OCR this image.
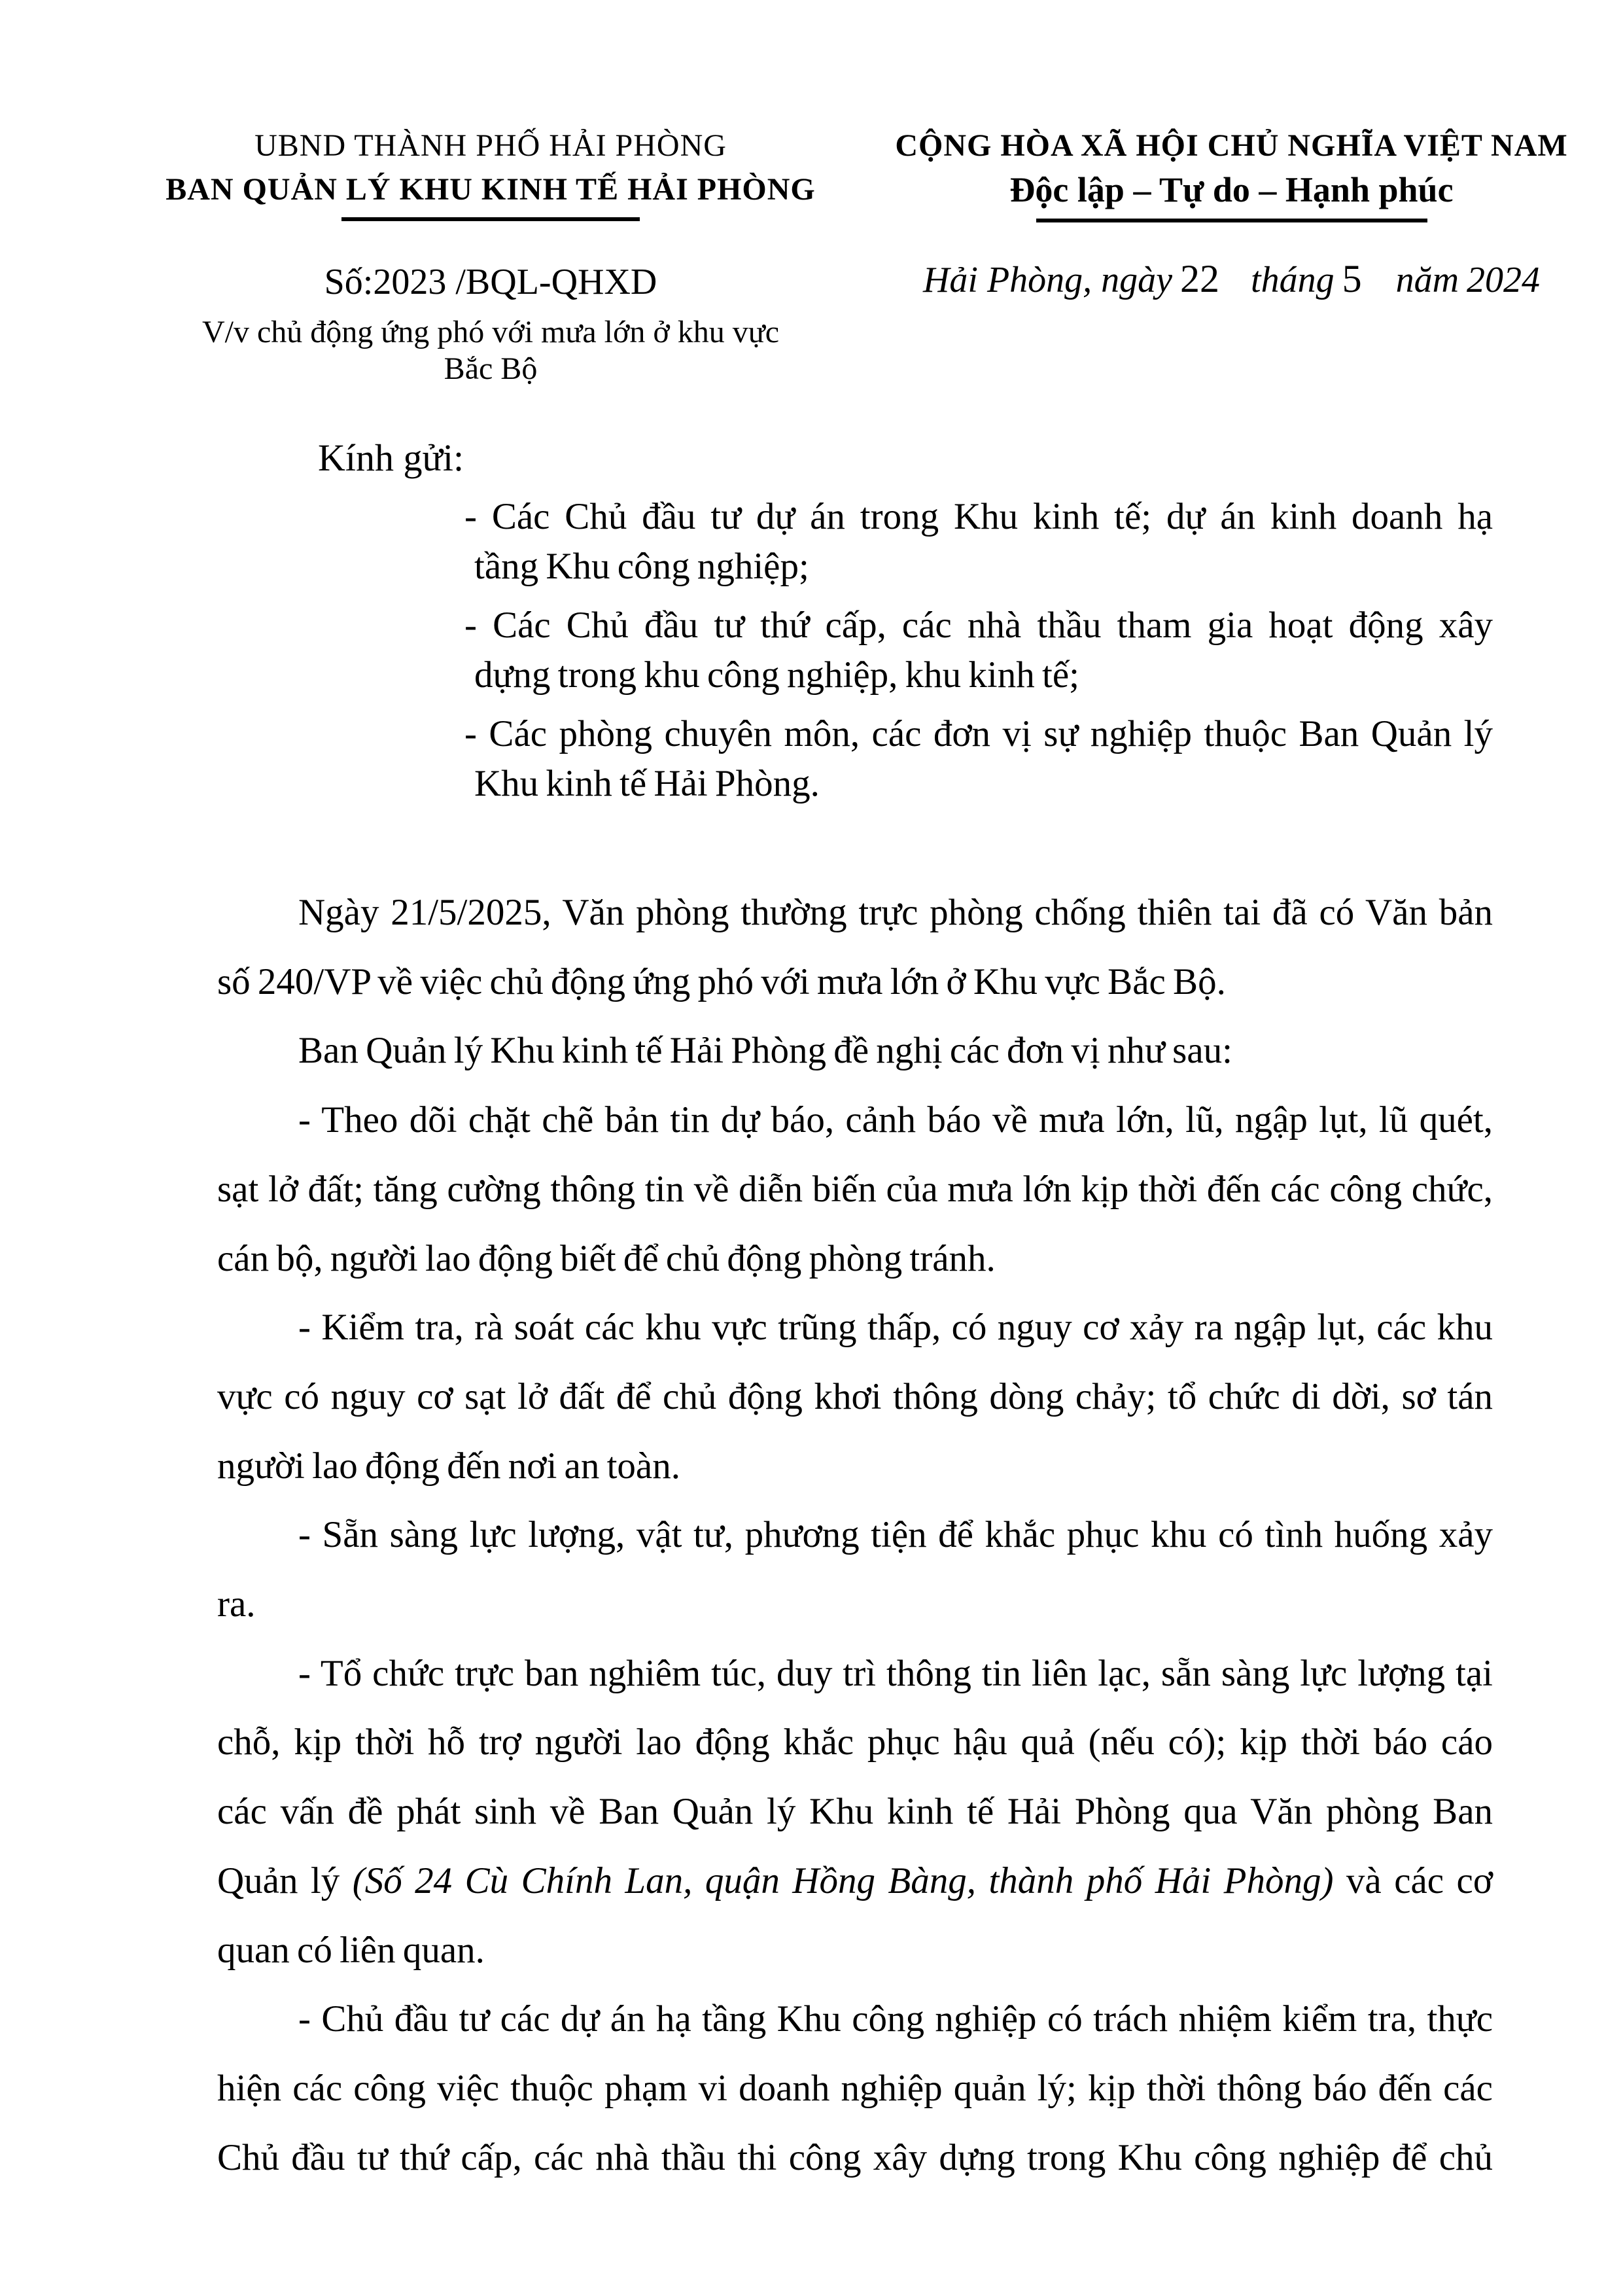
UBND THÀNH PHỐ HẢI PHÒNG
BAN QUẢN LÝ KHU KINH TẾ HẢI PHÒNG
Số:2023 /BQL-QHXD
V/v chủ động ứng phó với mưa lớn ở khu vực
Bắc Bộ
CỘNG HÒA XÃ HỘI CHỦ NGHĨA VIỆT NAM
Độc lập – Tự do – Hạnh phúc
Hải Phòng, ngày 22 tháng 5 năm 2024
Kính gửi:
- Các Chủ đầu tư dự án trong Khu kinh tế; dự án kinh doanh hạ
tầng Khu công nghiệp;
- Các Chủ đầu tư thứ cấp, các nhà thầu tham gia hoạt động xây
dựng trong khu công nghiệp, khu kinh tế;
- Các phòng chuyên môn, các đơn vị sự nghiệp thuộc Ban Quản lý
Khu kinh tế Hải Phòng.
Ngày 21/5/2025, Văn phòng thường trực phòng chống thiên tai đã có Văn bản
số 240/VP về việc chủ động ứng phó với mưa lớn ở Khu vực Bắc Bộ.
Ban Quản lý Khu kinh tế Hải Phòng đề nghị các đơn vị như sau:
- Theo dõi chặt chẽ bản tin dự báo, cảnh báo về mưa lớn, lũ, ngập lụt, lũ quét,
sạt lở đất; tăng cường thông tin về diễn biến của mưa lớn kịp thời đến các công chức,
cán bộ, người lao động biết để chủ động phòng tránh.
- Kiểm tra, rà soát các khu vực trũng thấp, có nguy cơ xảy ra ngập lụt, các khu
vực có nguy cơ sạt lở đất để chủ động khơi thông dòng chảy; tổ chức di dời, sơ tán
người lao động đến nơi an toàn.
- Sẵn sàng lực lượng, vật tư, phương tiện để khắc phục khu có tình huống xảy
ra.
- Tổ chức trực ban nghiêm túc, duy trì thông tin liên lạc, sẵn sàng lực lượng tại
chỗ, kịp thời hỗ trợ người lao động khắc phục hậu quả (nếu có); kịp thời báo cáo
các vấn đề phát sinh về Ban Quản lý Khu kinh tế Hải Phòng qua Văn phòng Ban
Quản lý (Số 24 Cù Chính Lan, quận Hồng Bàng, thành phố Hải Phòng) và các cơ
quan có liên quan.
- Chủ đầu tư các dự án hạ tầng Khu công nghiệp có trách nhiệm kiểm tra, thực
hiện các công việc thuộc phạm vi doanh nghiệp quản lý; kịp thời thông báo đến các
Chủ đầu tư thứ cấp, các nhà thầu thi công xây dựng trong Khu công nghiệp để chủ
